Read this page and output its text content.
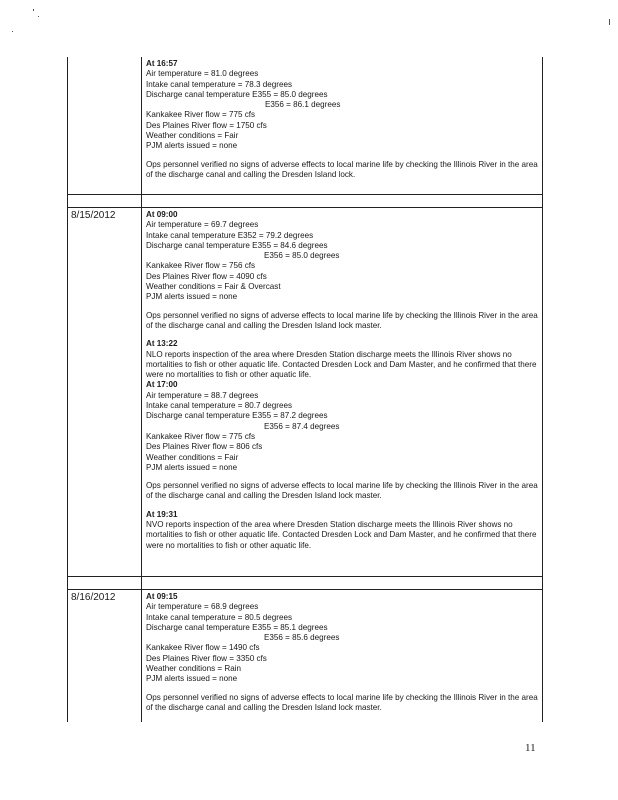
At 16:57
Air temperature = 81.0 degrees
Intake canal temperature = 78.3 degrees
Discharge canal temperature E355 = 85.0 degrees
E356 = 86.1 degrees
Kankakee River flow = 775 cfs
Des Plaines River flow = 1750 cfs
Weather conditions = Fair
PJM alerts issued = none
Ops personnel verified no signs of adverse effects to local marine life by checking the Illinois River in the area of the discharge canal and calling the Dresden Island lock.
8/15/2012	At 09:00
Air temperature = 69.7 degrees
Intake canal temperature E352 = 79.2 degrees
Discharge canal temperature E355 = 84.6 degrees
E356 = 85.0 degrees
Kankakee River flow = 756 cfs
Des Plaines River flow = 4090 cfs
Weather conditions = Fair & Overcast
PJM alerts issued = none
Ops personnel verified no signs of adverse effects to local marine life by checking the Illinois River in the area of the discharge canal and calling the Dresden Island lock master.
At 13:22
NLO reports inspection of the area where Dresden Station discharge meets the Illinois River shows no mortalities to fish or other aquatic life. Contacted Dresden Lock and Dam Master, and he confirmed that there were no mortalities to fish or other aquatic life.
At 17:00
Air temperature = 88.7 degrees
Intake canal temperature = 80.7 degrees
Discharge canal temperature E355 = 87.2 degrees
E356 = 87.4 degrees
Kankakee River flow = 775 cfs
Des Plaines River flow = 806 cfs
Weather conditions = Fair
PJM alerts issued = none
Ops personnel verified no signs of adverse effects to local marine life by checking the Illinois River in the area of the discharge canal and calling the Dresden Island lock master.
At 19:31
NVO reports inspection of the area where Dresden Station discharge meets the Illinois River shows no mortalities to fish or other aquatic life. Contacted Dresden Lock and Dam Master, and he confirmed that there were no mortalities to fish or other aquatic life.
8/16/2012	At 09:15
Air temperature = 68.9 degrees
Intake canal temperature = 80.5 degrees
Discharge canal temperature E355 = 85.1 degrees
E356 = 85.6 degrees
Kankakee River flow = 1490 cfs
Des Plaines River flow = 3350 cfs
Weather conditions = Rain
PJM alerts issued = none
Ops personnel verified no signs of adverse effects to local marine life by checking the Illinois River in the area of the discharge canal and calling the Dresden Island lock master.
11
